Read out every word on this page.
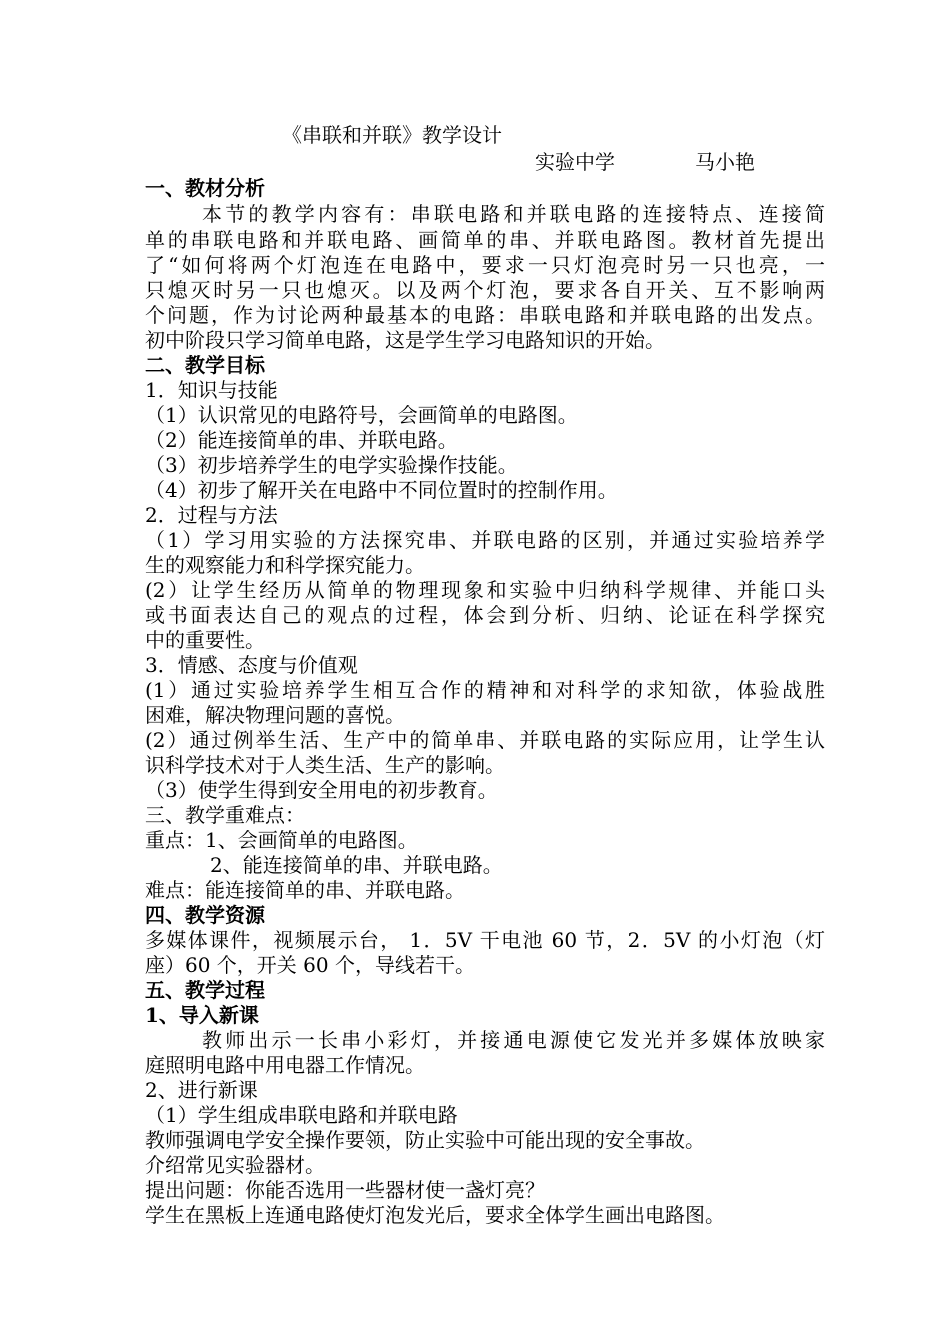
《串联和并联》教学设计
实验中学	马小艳
一、教材分析
本节的教学内容有：串联电路和并联电路的连接特点、连接简
单的串联电路和并联电路、画简单的串、并联电路图。教材首先提出
了“如何将两个灯泡连在电路中，要求一只灯泡亮时另一只也亮，一
只熄灭时另一只也熄灭。以及两个灯泡，要求各自开关、互不影响两
个问题，作为讨论两种最基本的电路：串联电路和并联电路的出发点。
初中阶段只学习简单电路，这是学生学习电路知识的开始。
二、教学目标
1．知识与技能
（1）认识常见的电路符号，会画简单的电路图。
（2）能连接简单的串、并联电路。
（3）初步培养学生的电学实验操作技能。
（4）初步了解开关在电路中不同位置时的控制作用。
2．过程与方法
（1）学习用实验的方法探究串、并联电路的区别，并通过实验培养学
生的观察能力和科学探究能力。
(2）让学生经历从简单的物理现象和实验中归纳科学规律、并能口头
或书面表达自己的观点的过程，体会到分析、归纳、论证在科学探究
中的重要性。
3．情感、态度与价值观
(1）通过实验培养学生相互合作的精神和对科学的求知欲，体验战胜
困难，解决物理问题的喜悦。
(2）通过例举生活、生产中的简单串、并联电路的实际应用，让学生认
识科学技术对于人类生活、生产的影响。
（3）使学生得到安全用电的初步教育。
三、教学重难点：
重点：1、会画简单的电路图。
2、能连接简单的串、并联电路。
难点：能连接简单的串、并联电路。
四、教学资源
多媒体课件，视频展示台， 1．5V 干电池 60 节，2．5V 的小灯泡（灯
座）60 个，开关 60 个，导线若干。
五、教学过程
1、导入新课
教师出示一长串小彩灯，并接通电源使它发光并多媒体放映家
庭照明电路中用电器工作情况。
2、进行新课
（1）学生组成串联电路和并联电路
教师强调电学安全操作要领，防止实验中可能出现的安全事故。
介绍常见实验器材。
提出问题：你能否选用一些器材使一盏灯亮？
学生在黑板上连通电路使灯泡发光后，要求全体学生画出电路图。
